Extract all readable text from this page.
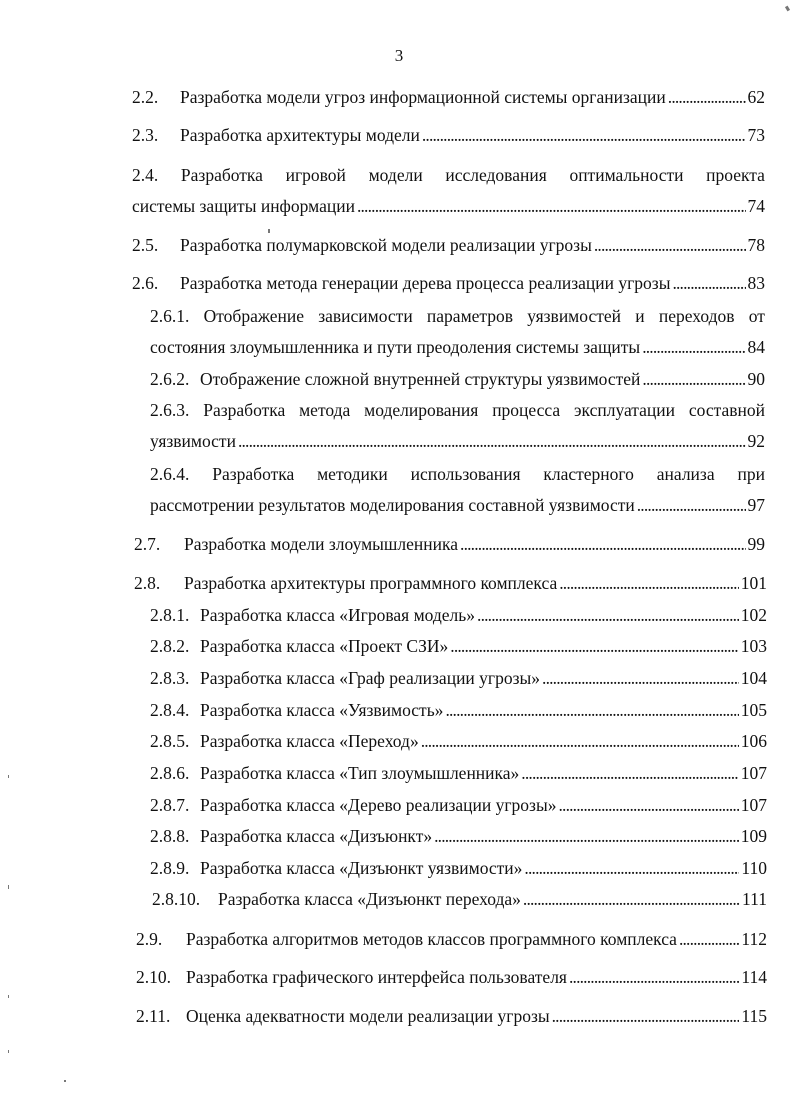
3
2.2.	Разработка модели угроз информационной системы организации . . .	62
2.3.	Разработка архитектуры модели . . .	73
2.4. Разработка игровой модели исследования оптимальности проекта
системы защиты информации . . .	74
2.5.	Разработка полумарковской модели реализации угрозы . . .	78
2.6.	Разработка метода генерации дерева процесса реализации угрозы . . .	83
2.6.1. Отображение зависимости параметров уязвимостей и переходов от
состояния злоумышленника и пути преодоления системы защиты . . .	84
2.6.2. Отображение сложной внутренней структуры уязвимостей . . .	90
2.6.3. Разработка метода моделирования процесса эксплуатации составной
уязвимости . . .	92
2.6.4. Разработка методики использования кластерного анализа при
рассмотрении результатов моделирования составной уязвимости . . .	97
2.7.	Разработка модели злоумышленника . . .	99
2.8.	Разработка архитектуры программного комплекса . . .	101
2.8.1. Разработка класса «Игровая модель» . . .	102
2.8.2. Разработка класса «Проект СЗИ» . . .	103
2.8.3. Разработка класса «Граф реализации угрозы» . . .	104
2.8.4. Разработка класса «Уязвимость» . . .	105
2.8.5. Разработка класса «Переход» . . .	106
2.8.6. Разработка класса «Тип злоумышленника» . . .	107
2.8.7. Разработка класса «Дерево реализации угрозы» . . .	107
2.8.8. Разработка класса «Дизъюнкт» . . .	109
2.8.9. Разработка класса «Дизъюнкт уязвимости» . . .	110
2.8.10.	Разработка класса «Дизъюнкт перехода» . . .	111
2.9.	Разработка алгоритмов методов классов программного комплекса . . .	112
2.10. Разработка графического интерфейса пользователя . . .	114
2.11. Оценка адекватности модели реализации угрозы . . .	115
